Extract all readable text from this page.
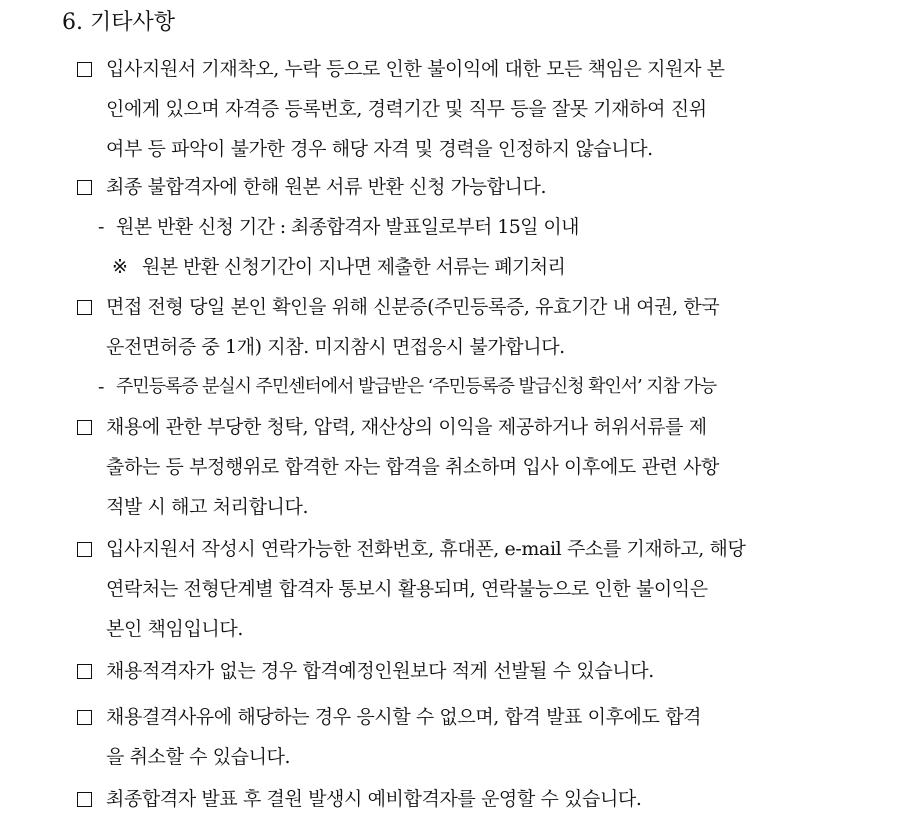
6. 기타사항
입사지원서 기재착오, 누락 등으로 인한 불이익에 대한 모든 책임은 지원자 본
인에게 있으며 자격증 등록번호, 경력기간 및 직무 등을 잘못 기재하여 진위
여부 등 파악이 불가한 경우 해당 자격 및 경력을 인정하지 않습니다.
최종 불합격자에 한해 원본 서류 반환 신청 가능합니다.
- 원본 반환 신청 기간 : 최종합격자 발표일로부터 15일 이내
※ 원본 반환 신청기간이 지나면 제출한 서류는 폐기처리
면접 전형 당일 본인 확인을 위해 신분증(주민등록증, 유효기간 내 여권, 한국
운전면허증 중 1개) 지참. 미지참시 면접응시 불가합니다.
- 주민등록증 분실시 주민센터에서 발급받은 ‘주민등록증 발급신청 확인서’ 지참 가능
채용에 관한 부당한 청탁, 압력, 재산상의 이익을 제공하거나 허위서류를 제
출하는 등 부정행위로 합격한 자는 합격을 취소하며 입사 이후에도 관련 사항
적발 시 해고 처리합니다.
입사지원서 작성시 연락가능한 전화번호, 휴대폰, e-mail 주소를 기재하고, 해당
연락처는 전형단계별 합격자 통보시 활용되며, 연락불능으로 인한 불이익은
본인 책임입니다.
채용적격자가 없는 경우 합격예정인원보다 적게 선발될 수 있습니다.
채용결격사유에 해당하는 경우 응시할 수 없으며, 합격 발표 이후에도 합격
을 취소할 수 있습니다.
최종합격자 발표 후 결원 발생시 예비합격자를 운영할 수 있습니다.
